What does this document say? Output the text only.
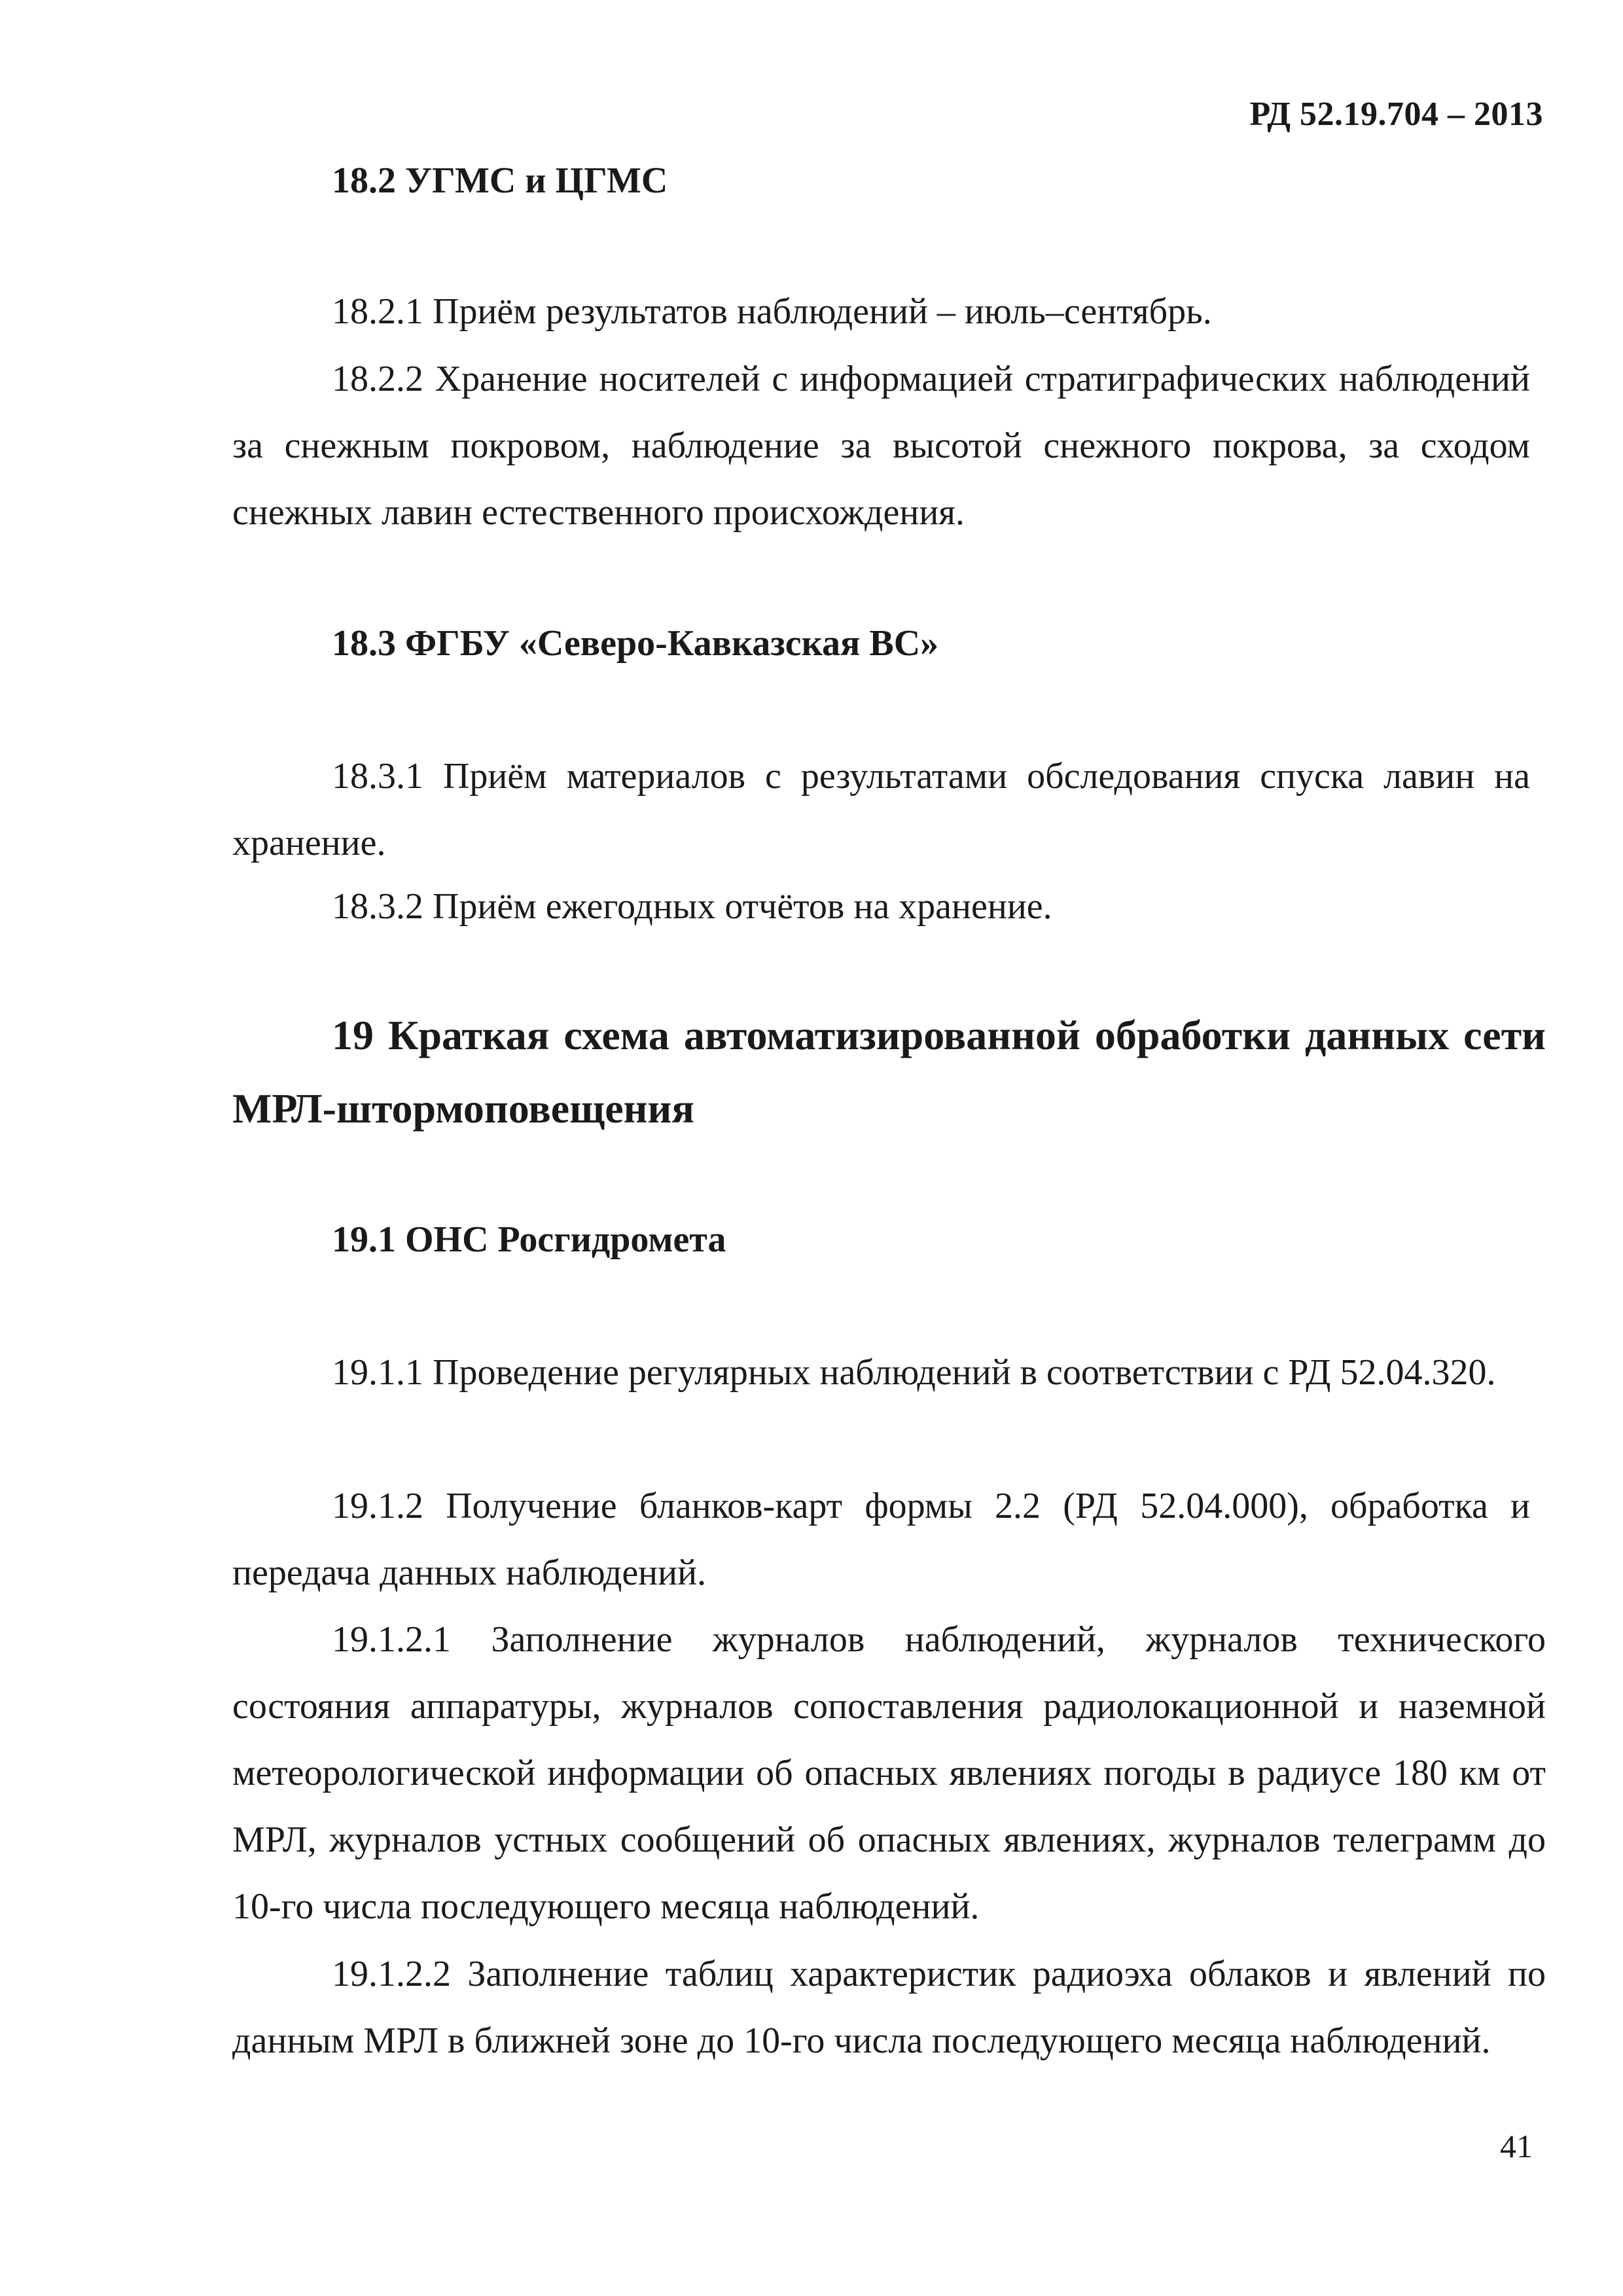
РД 52.19.704 – 2013
18.2 УГМС и ЦГМС
18.2.1 Приём результатов наблюдений – июль–сентябрь.
18.2.2 Хранение носителей с информацией стратиграфических наблюдений за снежным покровом, наблюдение за высотой снежного покрова, за сходом снежных лавин естественного происхождения.
18.3 ФГБУ «Северо-Кавказская ВС»
18.3.1 Приём материалов с результатами обследования спуска лавин на хранение.
18.3.2 Приём ежегодных отчётов на хранение.
19 Краткая схема автоматизированной обработки данных сети МРЛ-штормоповещения
19.1 ОНС Росгидромета
19.1.1 Проведение регулярных наблюдений в соответствии с РД 52.04.320.
19.1.2 Получение бланков-карт формы 2.2 (РД 52.04.000), обработка и передача данных наблюдений.
19.1.2.1 Заполнение журналов наблюдений, журналов технического состояния аппаратуры, журналов сопоставления радиолокационной и наземной метеорологической информации об опасных явлениях погоды в радиусе 180 км от МРЛ, журналов устных сообщений об опасных явлениях, журналов телеграмм до 10-го числа последующего месяца наблюдений.
19.1.2.2 Заполнение таблиц характеристик радиоэха облаков и явлений по данным МРЛ в ближней зоне до 10-го числа последующего месяца наблюдений.
41
